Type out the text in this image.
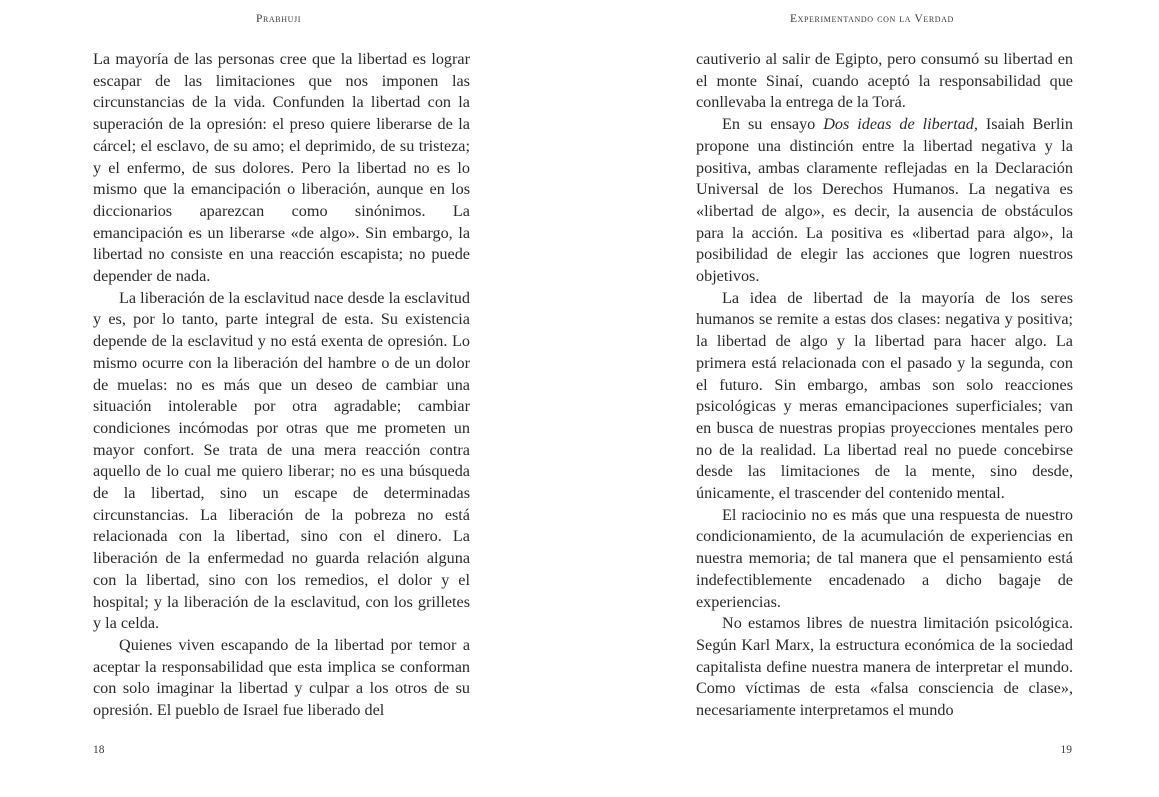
Prabhuji

La mayoría de las personas cree que la libertad es lograr escapar de las limitaciones que nos imponen las circunstancias de la vida. Confunden la libertad con la superación de la opresión: el preso quiere liberarse de la cárcel; el esclavo, de su amo; el deprimido, de su tristeza; y el enfermo, de sus dolores. Pero la libertad no es lo mismo que la emancipación o liberación, aunque en los diccionarios aparezcan como sinónimos. La emancipación es un liberarse «de algo». Sin embargo, la libertad no consiste en una reacción escapista; no puede depender de nada.

La liberación de la esclavitud nace desde la esclavitud y es, por lo tanto, parte integral de esta. Su existencia depende de la esclavitud y no está exenta de opresión. Lo mismo ocurre con la liberación del hambre o de un dolor de muelas: no es más que un deseo de cambiar una situación intolerable por otra agradable; cambiar condiciones incómodas por otras que me prometen un mayor confort. Se trata de una mera reacción contra aquello de lo cual me quiero liberar; no es una búsqueda de la libertad, sino un escape de determinadas circunstancias. La liberación de la pobreza no está relacionada con la libertad, sino con el dinero. La liberación de la enfermedad no guarda relación alguna con la libertad, sino con los remedios, el dolor y el hospital; y la liberación de la esclavitud, con los grilletes y la celda.

Quienes viven escapando de la libertad por temor a aceptar la responsabilidad que esta implica se conforman con solo imaginar la libertad y culpar a los otros de su opresión. El pueblo de Israel fue liberado del

18
Experimentando con la Verdad

cautiverio al salir de Egipto, pero consumó su libertad en el monte Sinaí, cuando aceptó la responsabilidad que conllevaba la entrega de la Torá.

En su ensayo Dos ideas de libertad, Isaiah Berlin propone una distinción entre la libertad negativa y la positiva, ambas claramente reflejadas en la Declaración Universal de los Derechos Humanos. La negativa es «libertad de algo», es decir, la ausencia de obstáculos para la acción. La positiva es «libertad para algo», la posibilidad de elegir las acciones que logren nuestros objetivos.

La idea de libertad de la mayoría de los seres humanos se remite a estas dos clases: negativa y positiva; la libertad de algo y la libertad para hacer algo. La primera está relacionada con el pasado y la segunda, con el futuro. Sin embargo, ambas son solo reacciones psicológicas y meras emancipaciones superficiales; van en busca de nuestras propias proyecciones mentales pero no de la realidad. La libertad real no puede concebirse desde las limitaciones de la mente, sino desde, únicamente, el trascender del contenido mental.

El raciocinio no es más que una respuesta de nuestro condicionamiento, de la acumulación de experiencias en nuestra memoria; de tal manera que el pensamiento está indefectiblemente encadenado a dicho bagaje de experiencias.

No estamos libres de nuestra limitación psicológica. Según Karl Marx, la estructura económica de la sociedad capitalista define nuestra manera de interpretar el mundo. Como víctimas de esta «falsa consciencia de clase», necesariamente interpretamos el mundo

19
